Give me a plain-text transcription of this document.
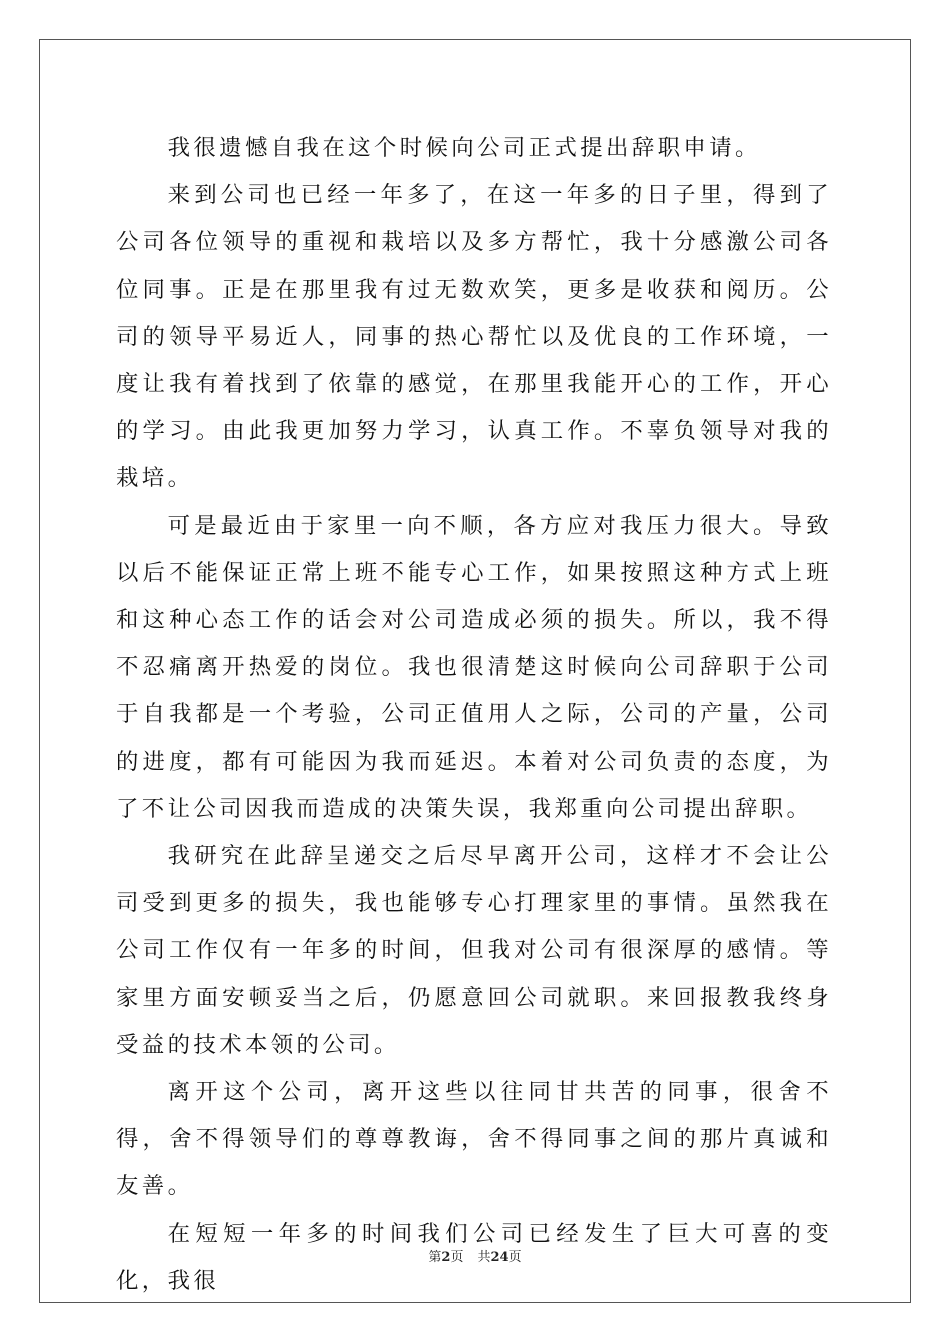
我很遗憾自我在这个时候向公司正式提出辞职申请。

来到公司也已经一年多了，在这一年多的日子里，得到了公司各位领导的重视和栽培以及多方帮忙，我十分感激公司各位同事。正是在那里我有过无数欢笑，更多是收获和阅历。公司的领导平易近人，同事的热心帮忙以及优良的工作环境，一度让我有着找到了依靠的感觉，在那里我能开心的工作，开心的学习。由此我更加努力学习，认真工作。不辜负领导对我的栽培。

可是最近由于家里一向不顺，各方应对我压力很大。导致以后不能保证正常上班不能专心工作，如果按照这种方式上班和这种心态工作的话会对公司造成必须的损失。所以，我不得不忍痛离开热爱的岗位。我也很清楚这时候向公司辞职于公司于自我都是一个考验，公司正值用人之际，公司的产量，公司的进度，都有可能因为我而延迟。本着对公司负责的态度，为了不让公司因我而造成的决策失误，我郑重向公司提出辞职。

我研究在此辞呈递交之后尽早离开公司，这样才不会让公司受到更多的损失，我也能够专心打理家里的事情。虽然我在公司工作仅有一年多的时间，但我对公司有很深厚的感情。等家里方面安顿妥当之后，仍愿意回公司就职。来回报教我终身受益的技术本领的公司。

离开这个公司，离开这些以往同甘共苦的同事，很舍不得，舍不得领导们的尊尊教诲，舍不得同事之间的那片真诚和友善。

在短短一年多的时间我们公司已经发生了巨大可喜的变化，我很

第2页 共24页
